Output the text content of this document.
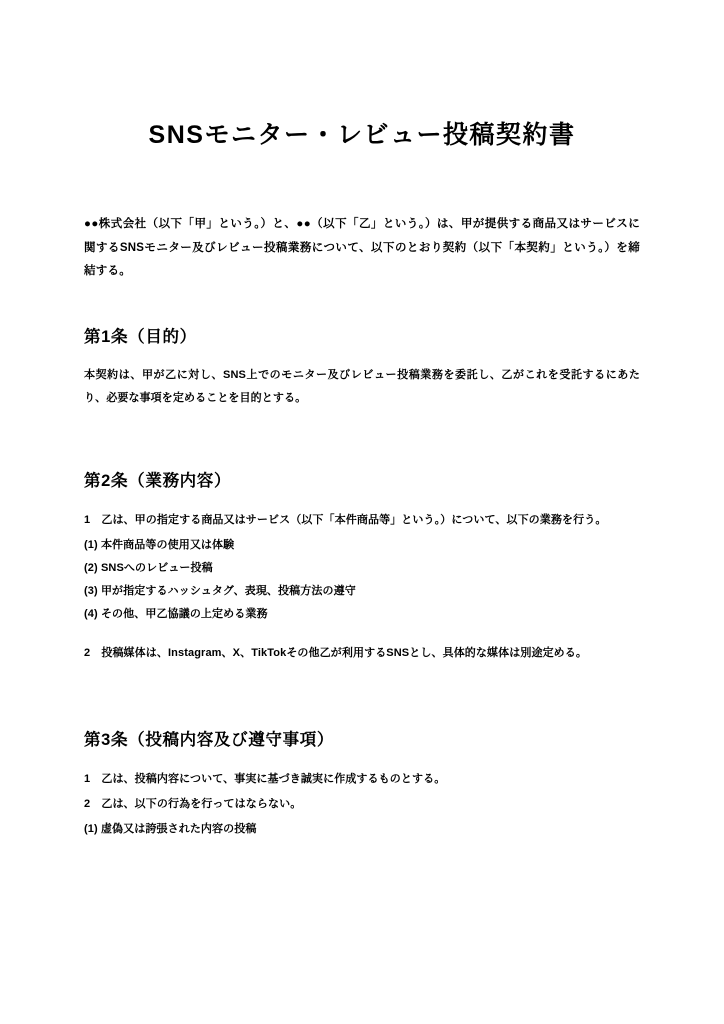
SNSモニター・レビュー投稿契約書

●●株式会社（以下「甲」という。）と、●●（以下「乙」という。）は、甲が提供する商品又はサービスに関するSNSモニター及びレビュー投稿業務について、以下のとおり契約（以下「本契約」という。）を締結する。

第1条（目的）

本契約は、甲が乙に対し、SNS上でのモニター及びレビュー投稿業務を委託し、乙がこれを受託するにあたり、必要な事項を定めることを目的とする。

第2条（業務内容）

1　乙は、甲の指定する商品又はサービス（以下「本件商品等」という。）について、以下の業務を行う。

(1) 本件商品等の使用又は体験
(2) SNSへのレビュー投稿
(3) 甲が指定するハッシュタグ、表現、投稿方法の遵守
(4) その他、甲乙協議の上定める業務

2　投稿媒体は、Instagram、X、TikTokその他乙が利用するSNSとし、具体的な媒体は別途定める。

第3条（投稿内容及び遵守事項）

1　乙は、投稿内容について、事実に基づき誠実に作成するものとする。

2　乙は、以下の行為を行ってはならない。

(1) 虚偽又は誇張された内容の投稿
